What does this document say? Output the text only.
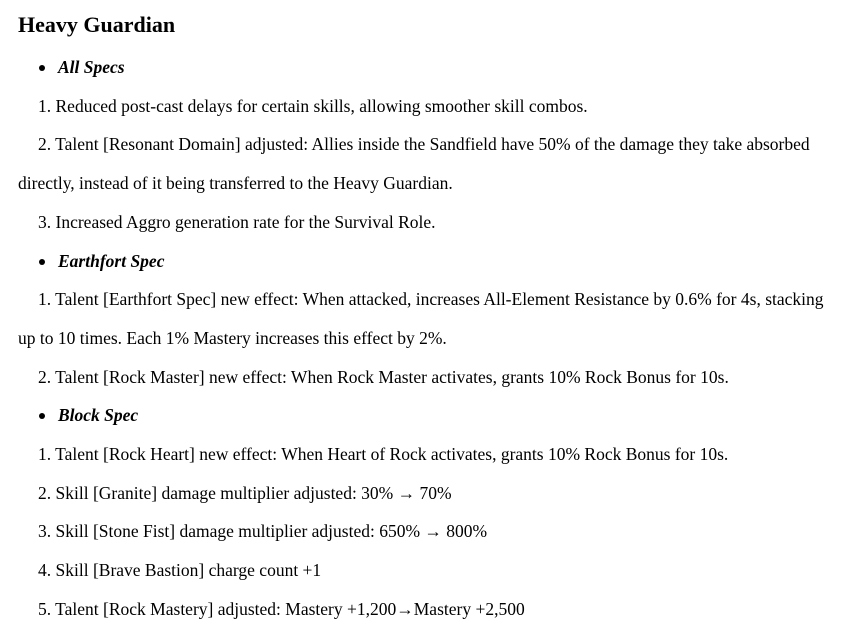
Heavy Guardian
All Specs
1. Reduced post-cast delays for certain skills, allowing smoother skill combos.
2. Talent [Resonant Domain] adjusted: Allies inside the Sandfield have 50% of the damage they take absorbed directly, instead of it being transferred to the Heavy Guardian.
3. Increased Aggro generation rate for the Survival Role.
Earthfort Spec
1. Talent [Earthfort Spec] new effect: When attacked, increases All-Element Resistance by 0.6% for 4s, stacking up to 10 times. Each 1% Mastery increases this effect by 2%.
2. Talent [Rock Master] new effect: When Rock Master activates, grants 10% Rock Bonus for 10s.
Block Spec
1. Talent [Rock Heart] new effect: When Heart of Rock activates, grants 10% Rock Bonus for 10s.
2. Skill [Granite] damage multiplier adjusted: 30% → 70%
3. Skill [Stone Fist] damage multiplier adjusted: 650% → 800%
4. Skill [Brave Bastion] charge count +1
5. Talent [Rock Mastery] adjusted: Mastery +1,200→Mastery +2,500
